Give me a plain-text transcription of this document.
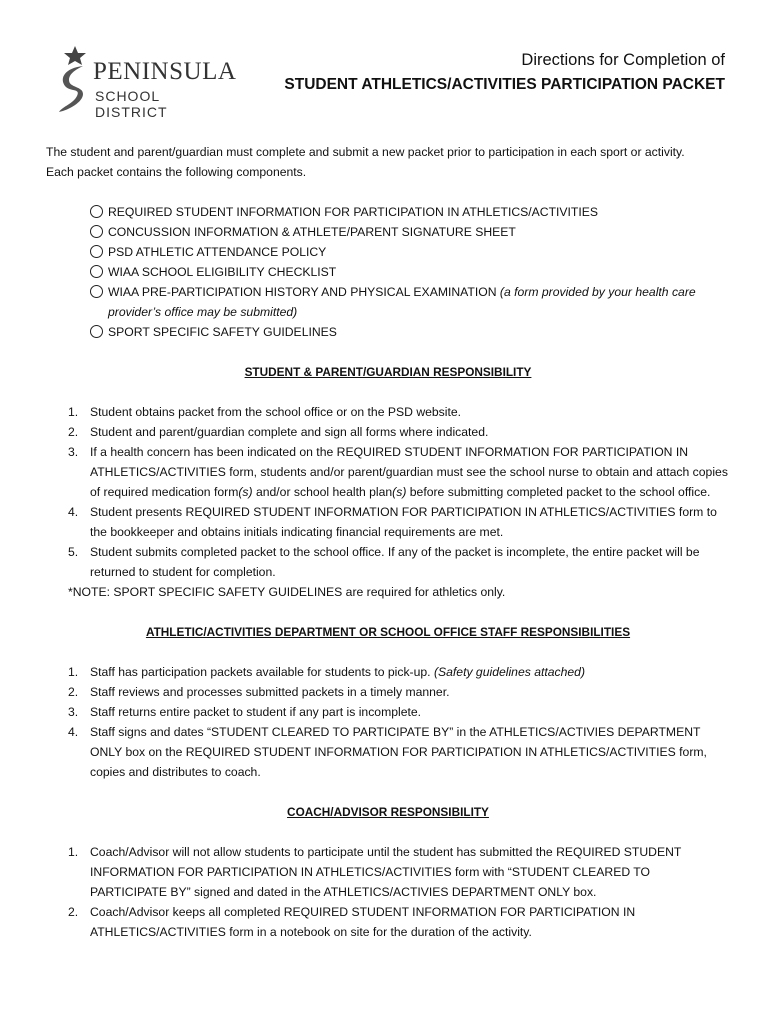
PENINSULA
SCHOOL DISTRICT
Directions for Completion of
STUDENT ATHLETICS/ACTIVITIES PARTICIPATION PACKET

The student and parent/guardian must complete and submit a new packet prior to participation in each sport or activity.
Each packet contains the following components.

REQUIRED STUDENT INFORMATION FOR PARTICIPATION IN ATHLETICS/ACTIVITIES
CONCUSSION INFORMATION & ATHLETE/PARENT SIGNATURE SHEET
PSD ATHLETIC ATTENDANCE POLICY
WIAA SCHOOL ELIGIBILITY CHECKLIST
WIAA PRE-PARTICIPATION HISTORY AND PHYSICAL EXAMINATION (a form provided by your health care provider’s office may be submitted)
SPORT SPECIFIC SAFETY GUIDELINES
STUDENT & PARENT/GUARDIAN RESPONSIBILITY
1. Student obtains packet from the school office or on the PSD website.
2. Student and parent/guardian complete and sign all forms where indicated.
3. If a health concern has been indicated on the REQUIRED STUDENT INFORMATION FOR PARTICIPATION IN ATHLETICS/ACTIVITIES form, students and/or parent/guardian must see the school nurse to obtain and attach copies of required medication form(s) and/or school health plan(s) before submitting completed packet to the school office.
4. Student presents REQUIRED STUDENT INFORMATION FOR PARTICIPATION IN ATHLETICS/ACTIVITIES form to the bookkeeper and obtains initials indicating financial requirements are met.
5. Student submits completed packet to the school office. If any of the packet is incomplete, the entire packet will be returned to student for completion.

*NOTE: SPORT SPECIFIC SAFETY GUIDELINES are required for athletics only.

ATHLETIC/ACTIVITIES DEPARTMENT OR SCHOOL OFFICE STAFF RESPONSIBILITIES
1. Staff has participation packets available for students to pick-up. (Safety guidelines attached)
2. Staff reviews and processes submitted packets in a timely manner.
3. Staff returns entire packet to student if any part is incomplete.
4. Staff signs and dates “STUDENT CLEARED TO PARTICIPATE BY” in the ATHLETICS/ACTIVIES DEPARTMENT ONLY box on the REQUIRED STUDENT INFORMATION FOR PARTICIPATION IN ATHLETICS/ACTIVITIES form, copies and distributes to coach.
COACH/ADVISOR RESPONSIBILITY
1. Coach/Advisor will not allow students to participate until the student has submitted the REQUIRED STUDENT INFORMATION FOR PARTICIPATION IN ATHLETICS/ACTIVITIES form with “STUDENT CLEARED TO PARTICIPATE BY” signed and dated in the ATHLETICS/ACTIVIES DEPARTMENT ONLY box.
2. Coach/Advisor keeps all completed REQUIRED STUDENT INFORMATION FOR PARTICIPATION IN ATHLETICS/ACTIVITIES form in a notebook on site for the duration of the activity.
